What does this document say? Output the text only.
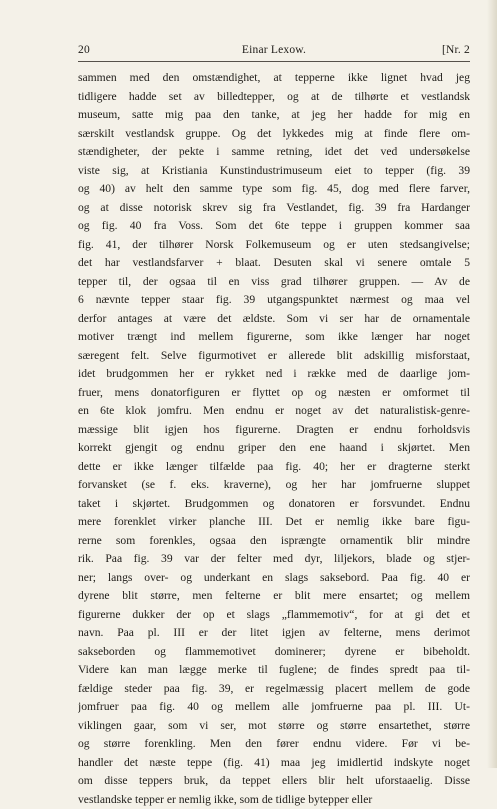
20	Einar Lexow.	[Nr. 2
sammen med den omstændighet, at tepperne ikke lignet hvad jeg
tidligere hadde set av billedtepper, og at de tilhørte et vestlandsk
museum, satte mig paa den tanke, at jeg her hadde for mig en
særskilt vestlandsk gruppe. Og det lykkedes mig at finde flere om-
stændigheter, der pekte i samme retning, idet det ved undersøkelse
viste sig, at Kristiania Kunstindustrimuseum eiet to tepper (fig. 39
og 40) av helt den samme type som fig. 45, dog med flere farver,
og at disse notorisk skrev sig fra Vestlandet, fig. 39 fra Hardanger
og fig. 40 fra Voss. Som det 6te teppe i gruppen kommer saa
fig. 41, der tilhører Norsk Folkemuseum og er uten stedsangivelse;
det har vestlandsfarver + blaat. Desuten skal vi senere omtale 5
tepper til, der ogsaa til en viss grad tilhører gruppen. — Av de
6 nævnte tepper staar fig. 39 utgangspunktet nærmest og maa vel
derfor antages at være det ældste. Som vi ser har de ornamentale
motiver trængt ind mellem figurerne, som ikke længer har noget
særegent felt. Selve figurmotivet er allerede blit adskillig misforstaat,
idet brudgommen her er rykket ned i række med de daarlige jom-
fruer, mens donatorfiguren er flyttet op og næsten er omformet til
en 6te klok jomfru. Men endnu er noget av det naturalistisk-genre-
mæssige blit igjen hos figurerne. Dragten er endnu forholdsvis
korrekt gjengit og endnu griper den ene haand i skjørtet. Men
dette er ikke længer tilfælde paa fig. 40; her er dragterne sterkt
forvansket (se f. eks. kraverne), og her har jomfruerne sluppet
taket i skjørtet. Brudgommen og donatoren er forsvundet. Endnu
mere forenklet virker planche III. Det er nemlig ikke bare figu-
rerne som forenkles, ogsaa den isprængte ornamentik blir mindre
rik. Paa fig. 39 var der felter med dyr, liljekors, blade og stjer-
ner; langs over- og underkant en slags saksebord. Paa fig. 40 er
dyrene blit større, men felterne er blit mere ensartet; og mellem
figurerne dukker der op et slags „flammemotiv“, for at gi det et
navn. Paa pl. III er der litet igjen av felterne, mens derimot
sakseborden og flammemotivet dominerer; dyrene er bibeholdt.
Videre kan man lægge merke til fuglene; de findes spredt paa til-
fældige steder paa fig. 39, er regelmæssig placert mellem de gode
jomfruer paa fig. 40 og mellem alle jomfruerne paa pl. III. Ut-
viklingen gaar, som vi ser, mot større og større ensartethet, større
og større forenkling. Men den fører endnu videre. Før vi be-
handler det næste teppe (fig. 41) maa jeg imidlertid indskyte noget
om disse teppers bruk, da teppet ellers blir helt uforstaaelig. Disse
vestlandske tepper er nemlig ikke, som de tidlige bytepper eller
